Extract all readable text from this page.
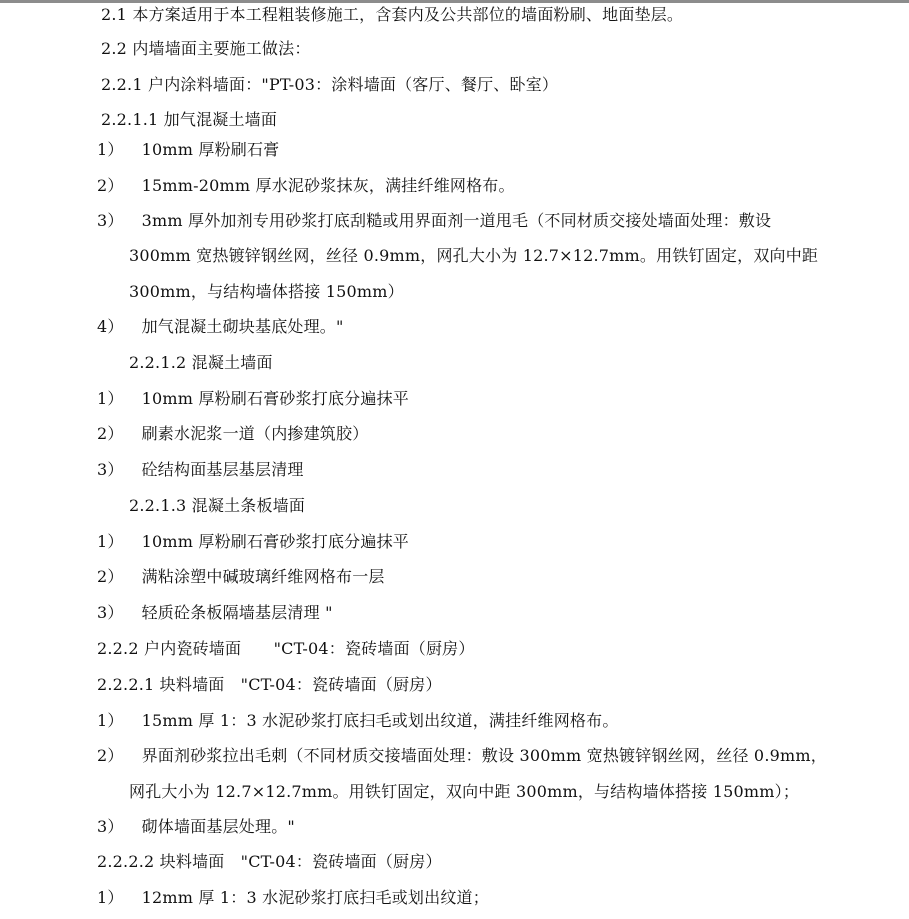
2.1 本方案适用于本工程粗装修施工，含套内及公共部位的墙面粉刷、地面垫层。
2.2 内墙墙面主要施工做法：
2.2.1 户内涂料墙面："PT-03：涂料墙面（客厅、餐厅、卧室）
2.2.1.1 加气混凝土墙面
1） 10mm 厚粉刷石膏
2） 15mm-20mm 厚水泥砂浆抹灰，满挂纤维网格布。
3） 3mm 厚外加剂专用砂浆打底刮糙或用界面剂一道甩毛（不同材质交接处墙面处理：敷设
300mm 宽热镀锌钢丝网，丝径 0.9mm，网孔大小为 12.7×12.7mm。用铁钉固定，双向中距
300mm，与结构墙体搭接 150mm）
4） 加气混凝土砌块基底处理。"
2.2.1.2 混凝土墙面
1） 10mm 厚粉刷石膏砂浆打底分遍抹平
2） 刷素水泥浆一道（内掺建筑胶）
3） 砼结构面基层基层清理
2.2.1.3 混凝土条板墙面
1） 10mm 厚粉刷石膏砂浆打底分遍抹平
2） 满粘涂塑中碱玻璃纤维网格布一层
3） 轻质砼条板隔墙基层清理 "
2.2.2 户内瓷砖墙面　　"CT-04：瓷砖墙面（厨房）
2.2.2.1 块料墙面　"CT-04：瓷砖墙面（厨房）
1） 15mm 厚 1：3 水泥砂浆打底扫毛或划出纹道，满挂纤维网格布。
2） 界面剂砂浆拉出毛刺（不同材质交接墙面处理：敷设 300mm 宽热镀锌钢丝网，丝径 0.9mm，
网孔大小为 12.7×12.7mm。用铁钉固定，双向中距 300mm，与结构墙体搭接 150mm）；
3） 砌体墙面基层处理。"
2.2.2.2 块料墙面　"CT-04：瓷砖墙面（厨房）
1） 12mm 厚 1：3 水泥砂浆打底扫毛或划出纹道；
